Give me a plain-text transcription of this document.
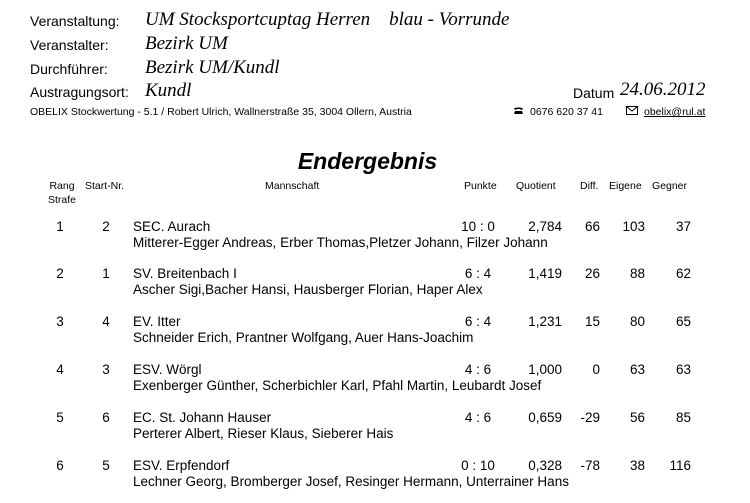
Veranstaltung: UM Stocksportcuptag Herren    blau - Vorrunde
Veranstalter: Bezirk UM
Durchführer: Bezirk UM/Kundl
Austragungsort: Kundl	Datum 24.06.2012
OBELIX Stockwertung - 5.1 / Robert Ulrich, Wallnerstraße 35, 3004 Ollern, Austria	0676 620 37 41	obelix@rul.at
Endergebnis
Rang
Strafe
Start-Nr.	Mannschaft	Punkte Quotient Diff. Eigene Gegner
1	2	SEC. Aurach
Mitterer-Egger Andreas, Erber Thomas,Pletzer Johann, Filzer Johann
10 : 0	2,784	66	103	37
2	1	SV. Breitenbach I
Ascher Sigi,Bacher Hansi, Hausberger Florian, Haper Alex
6 : 4	1,419	26	88	62
3	4	EV. Itter
Schneider Erich, Prantner Wolfgang, Auer Hans-Joachim
6 : 4	1,231	15	80	65
4	3	ESV. Wörgl
Exenberger Günther, Scherbichler Karl, Pfahl Martin, Leubardt Josef
4 : 6	1,000	0	63	63
5	6	EC. St. Johann Hauser
Perterer Albert, Rieser Klaus, Sieberer Hais
4 : 6	0,659	-29	56	85
6	5	ESV. Erpfendorf
Lechner Georg, Bromberger Josef, Resinger Hermann, Unterrainer Hans
0 : 10	0,328	-78	38	116
